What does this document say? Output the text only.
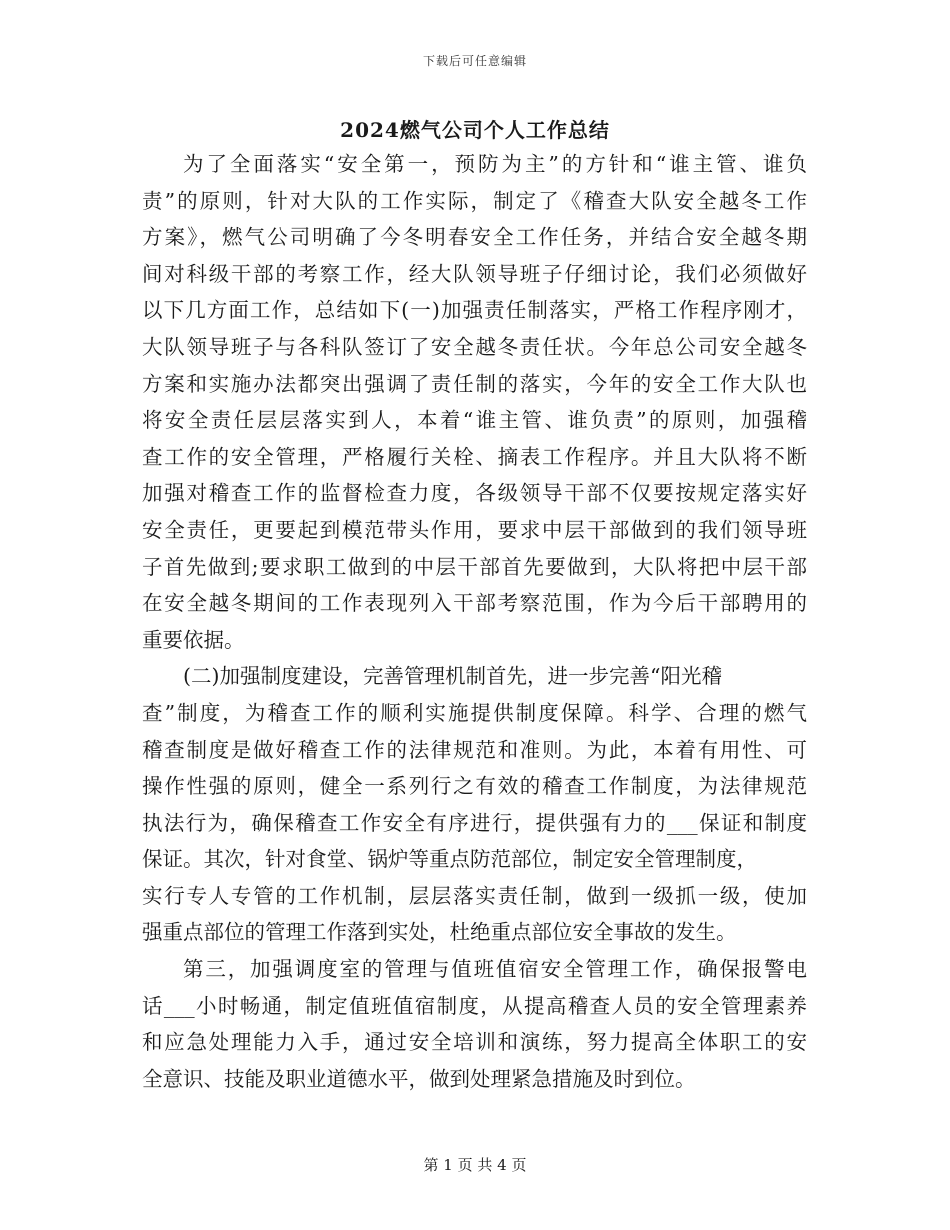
下载后可任意编辑
2024燃气公司个人工作总结
为了全面落实“安全第一，预防为主”的方针和“谁主管、谁负
责”的原则，针对大队的工作实际，制定了《稽查大队安全越冬工作
方案》，燃气公司明确了今冬明春安全工作任务，并结合安全越冬期
间对科级干部的考察工作，经大队领导班子仔细讨论，我们必须做好
以下几方面工作，总结如下(一)加强责任制落实，严格工作程序刚才，
大队领导班子与各科队签订了安全越冬责任状。今年总公司安全越冬
方案和实施办法都突出强调了责任制的落实，今年的安全工作大队也
将安全责任层层落实到人，本着“谁主管、谁负责”的原则，加强稽
查工作的安全管理，严格履行关栓、摘表工作程序。并且大队将不断
加强对稽查工作的监督检查力度，各级领导干部不仅要按规定落实好
安全责任，更要起到模范带头作用，要求中层干部做到的我们领导班
子首先做到;要求职工做到的中层干部首先要做到，大队将把中层干部
在安全越冬期间的工作表现列入干部考察范围，作为今后干部聘用的
重要依据。
(二)加强制度建设，完善管理机制首先，进一步完善“阳光稽
查”制度，为稽查工作的顺利实施提供制度保障。科学、合理的燃气
稽查制度是做好稽查工作的法律规范和准则。为此，本着有用性、可
操作性强的原则，健全一系列行之有效的稽查工作制度，为法律规范
执法行为，确保稽查工作安全有序进行，提供强有力的___保证和制度
保证。其次，针对食堂、锅炉等重点防范部位，制定安全管理制度，
实行专人专管的工作机制，层层落实责任制，做到一级抓一级，使加
强重点部位的管理工作落到实处，杜绝重点部位安全事故的发生。
第三，加强调度室的管理与值班值宿安全管理工作，确保报警电
话___小时畅通，制定值班值宿制度，从提高稽查人员的安全管理素养
和应急处理能力入手，通过安全培训和演练，努力提高全体职工的安
全意识、技能及职业道德水平，做到处理紧急措施及时到位。
第 1 页 共 4 页
